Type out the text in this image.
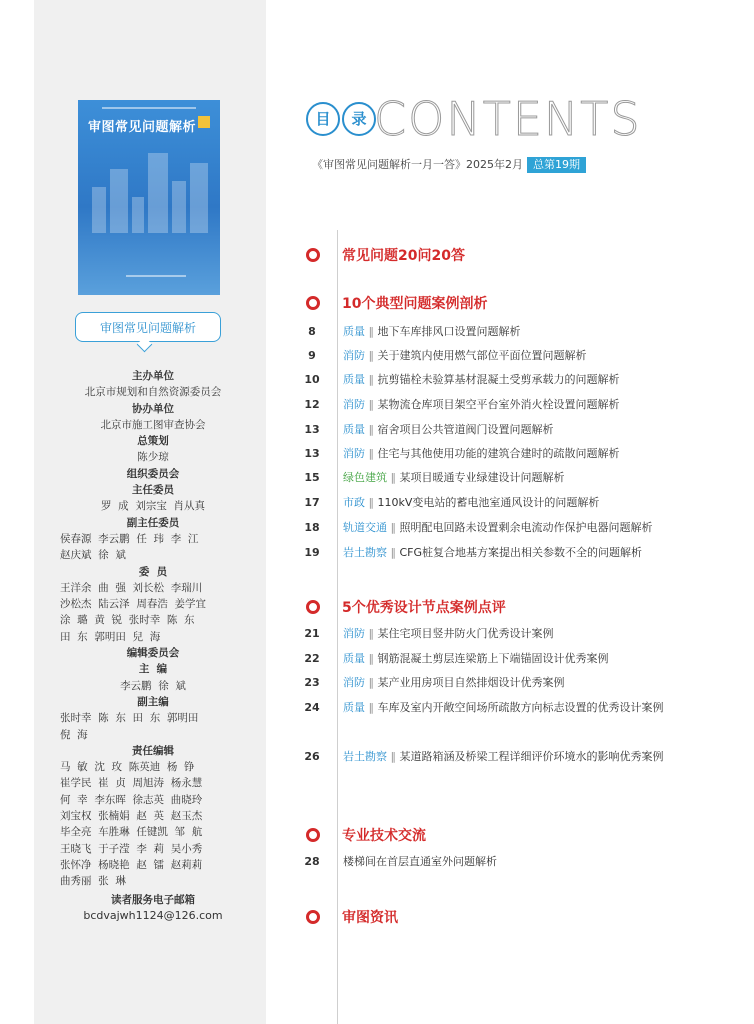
审图常见问题解析
审图常见问题解析
主办单位
北京市规划和自然资源委员会
协办单位
北京市施工图审查协会
总策划
陈少琼
组织委员会
主任委员
罗  成  刘宗宝  肖从真
副主任委员
侯春源  李云鹏  任  玮  李  江
赵庆斌  徐  斌
委  员
王洋余  曲  强  刘长松  李瑞川
沙松杰  陆云泽  周春浩  姜学宜
涂  璐  黄  锐  张时幸  陈  东
田  东  郭明田  兒  海
编辑委员会
主  编
李云鹏  徐  斌
副主编
张时幸  陈  东  田  东  郭明田
倪  海
责任编辑
马  敏  沈  玫  陈英迪  杨  铮
崔学民  崔  贞  周旭涛  杨永慧
何  幸  李东晖  徐志英  曲晓玲
刘宝权  张楠娟  赵  英  赵玉杰
毕全亮  车胜琳  任键凯  邹  航
王晓飞  于子滢  李  莉  吴小秀
张怀净  杨晓艳  赵  镭  赵莉莉
曲秀丽  张  琳
读者服务电子邮箱
bcdvajwh1124@126.com
目 录 CONTENTS
《审图常见问题解析一月一答》2025年2月 总第19期
常见问题20问20答
10个典型问题案例剖析
8	质量 ‖ 地下车库排风口设置问题解析
9	消防 ‖ 关于建筑内使用燃气部位平面位置问题解析
10	质量 ‖ 抗剪锚栓未验算基材混凝土受剪承载力的问题解析
12	消防 ‖ 某物流仓库项目架空平台室外消火栓设置问题解析
13	质量 ‖ 宿舍项目公共管道阀门设置问题解析
13	消防 ‖ 住宅与其他使用功能的建筑合建时的疏散问题解析
15	绿色建筑 ‖ 某项目暖通专业绿建设计问题解析
17	市政 ‖ 110kV变电站的蓄电池室通风设计的问题解析
18	轨道交通 ‖ 照明配电回路未设置剩余电流动作保护电器问题解析
19	岩土勘察 ‖ CFG桩复合地基方案提出相关参数不全的问题解析
5个优秀设计节点案例点评
21	消防 ‖ 某住宅项目竖井防火门优秀设计案例
22	质量 ‖ 钢筋混凝土剪层连梁筋上下端锚固设计优秀案例
23	消防 ‖ 某产业用房项目自然排烟设计优秀案例
24	质量 ‖ 车库及室内开敞空间场所疏散方向标志设置的优秀设计案例
26	岩土勘察 ‖ 某道路箱涵及桥梁工程详细评价环境水的影响优秀案例
专业技术交流
28	楼梯间在首层直通室外问题解析
审图资讯
